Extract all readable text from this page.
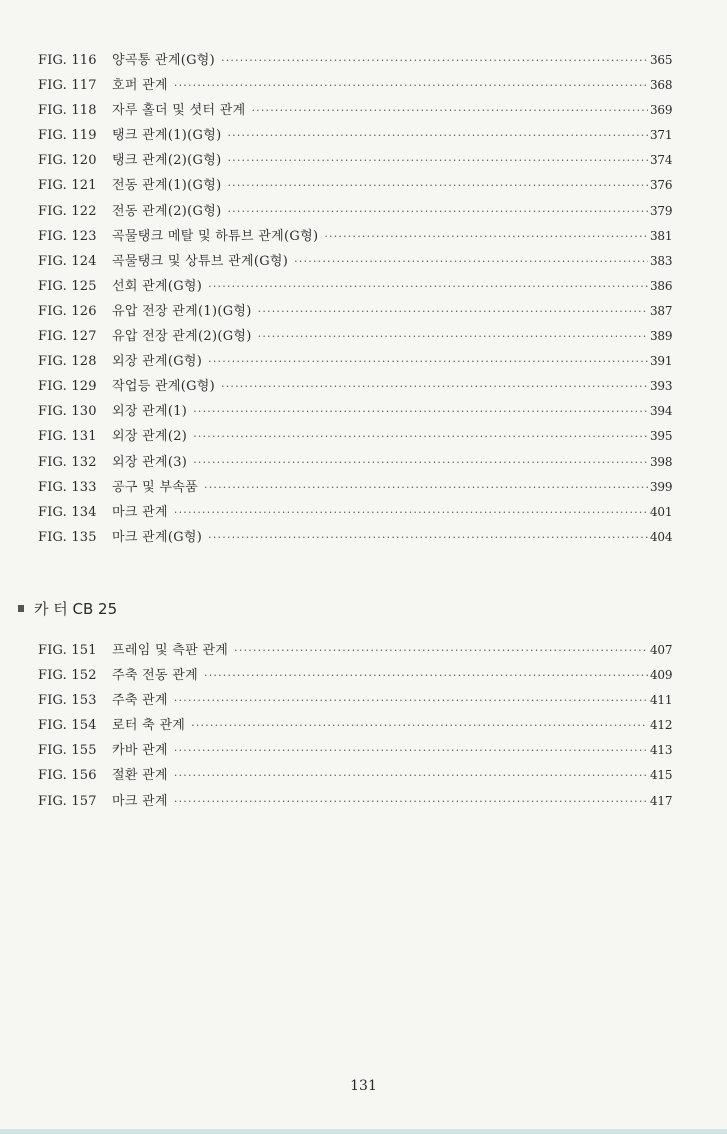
FIG. 116	양곡통 관계(G형) ·····	365
FIG. 117	호퍼 관계 ·····	368
FIG. 118	자루 홀더 및 셧터 관계 ·····	369
FIG. 119	탱크 관계(1)(G형) ·····	371
FIG. 120	탱크 관계(2)(G형) ·····	374
FIG. 121	전동 관계(1)(G형) ·····	376
FIG. 122	전동 관계(2)(G형) ·····	379
FIG. 123	곡물탱크 메탈 및 하튜브 관계(G형) ·····	381
FIG. 124	곡물탱크 및 상튜브 관계(G형) ·····	383
FIG. 125	선회 관계(G형) ·····	386
FIG. 126	유압 전장 관계(1)(G형) ·····	387
FIG. 127	유압 전장 관계(2)(G형) ·····	389
FIG. 128	외장 관계(G형) ·····	391
FIG. 129	작업등 관계(G형) ·····	393
FIG. 130	외장 관계(1) ·····	394
FIG. 131	외장 관계(2) ·····	395
FIG. 132	외장 관계(3) ·····	398
FIG. 133	공구 및 부속품 ·····	399
FIG. 134	마크 관계 ·····	401
FIG. 135	마크 관계(G형) ·····	404
카 터 CB 25
FIG. 151	프레임 및 측판 관계 ·····	407
FIG. 152	주축 전동 관계 ·····	409
FIG. 153	주축 관계 ·····	411
FIG. 154	로터 축 관계 ·····	412
FIG. 155	카바 관계 ·····	413
FIG. 156	절환 관계 ·····	415
FIG. 157	마크 관계 ·····	417
131
